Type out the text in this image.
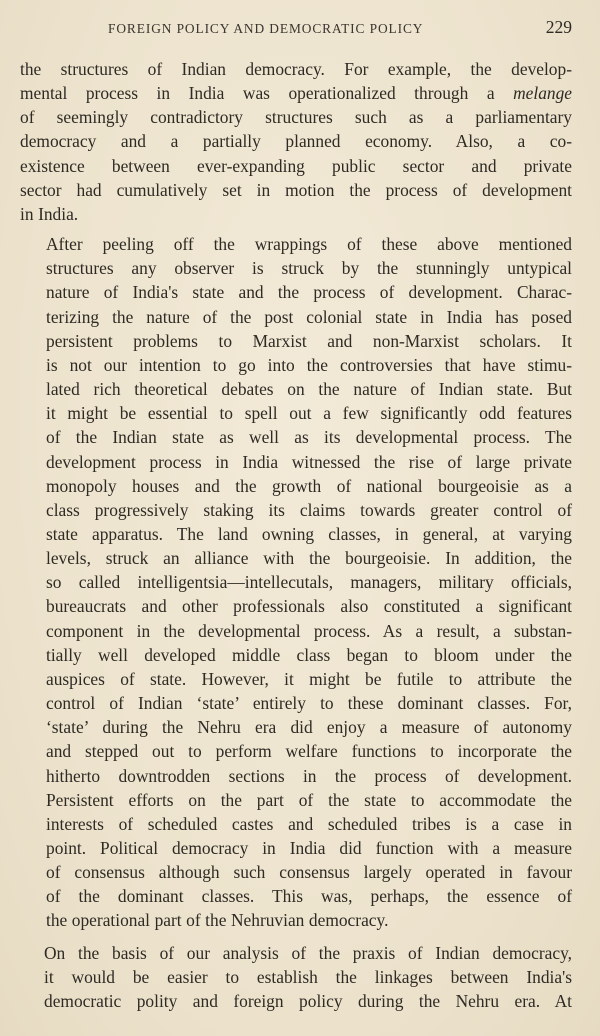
FOREIGN POLICY AND DEMOCRATIC POLICY	229

the structures of Indian democracy. For example, the develop-
mental process in India was operationalized through a melange
of seemingly contradictory structures such as a parliamentary
democracy and a partially planned economy. Also, a co-
existence between ever-expanding public sector and private
sector had cumulatively set in motion the process of development
in India.

After peeling off the wrappings of these above mentioned
structures any observer is struck by the stunningly untypical
nature of India's state and the process of development. Charac-
terizing the nature of the post colonial state in India has posed
persistent problems to Marxist and non-Marxist scholars. It
is not our intention to go into the controversies that have stimu-
lated rich theoretical debates on the nature of Indian state. But
it might be essential to spell out a few significantly odd features
of the Indian state as well as its developmental process. The
development process in India witnessed the rise of large private
monopoly houses and the growth of national bourgeoisie as a
class progressively staking its claims towards greater control of
state apparatus. The land owning classes, in general, at varying
levels, struck an alliance with the bourgeoisie. In addition, the
so called intelligentsia—intellecutals, managers, military officials,
bureaucrats and other professionals also constituted a significant
component in the developmental process. As a result, a substan-
tially well developed middle class began to bloom under the
auspices of state. However, it might be futile to attribute the
control of Indian ‘state’ entirely to these dominant classes. For,
‘state’ during the Nehru era did enjoy a measure of autonomy
and stepped out to perform welfare functions to incorporate the
hitherto downtrodden sections in the process of development.
Persistent efforts on the part of the state to accommodate the
interests of scheduled castes and scheduled tribes is a case in
point. Political democracy in India did function with a measure
of consensus although such consensus largely operated in favour
of the dominant classes. This was, perhaps, the essence of
the operational part of the Nehruvian democracy.

On the basis of our analysis of the praxis of Indian democracy,
it would be easier to establish the linkages between India's
democratic polity and foreign policy during the Nehru era. At
